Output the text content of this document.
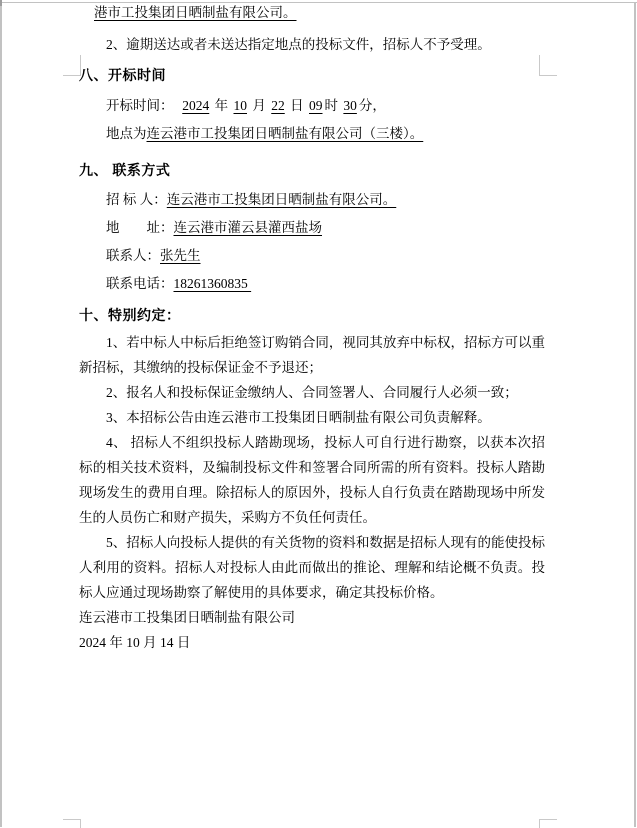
港市工投集团日晒制盐有限公司。

2、逾期送达或者未送达指定地点的投标文件，招标人不予受理。

八、开标时间

开标时间：  2024 年 10 月 22 日 09 时 30 分，

地点为连云港市工投集团日晒制盐有限公司（三楼）。

九、 联系方式

招 标 人：连云港市工投集团日晒制盐有限公司。

地　　址：连云港市灌云县灌西盐场

联系人：张先生

联系电话：18261360835

十、特别约定：

1、若中标人中标后拒绝签订购销合同，视同其放弃中标权，招标方可以重新招标，其缴纳的投标保证金不予退还；

2、报名人和投标保证金缴纳人、合同签署人、合同履行人必须一致；

3、本招标公告由连云港市工投集团日晒制盐有限公司负责解释。

4、 招标人不组织投标人踏勘现场，投标人可自行进行勘察，以获本次招标的相关技术资料，及编制投标文件和签署合同所需的所有资料。投标人踏勘现场发生的费用自理。除招标人的原因外，投标人自行负责在踏勘现场中所发生的人员伤亡和财产损失，采购方不负任何责任。

5、招标人向投标人提供的有关货物的资料和数据是招标人现有的能使投标人利用的资料。招标人对投标人由此而做出的推论、理解和结论概不负责。投标人应通过现场勘察了解使用的具体要求，确定其投标价格。

连云港市工投集团日晒制盐有限公司

2024 年 10 月 14 日
